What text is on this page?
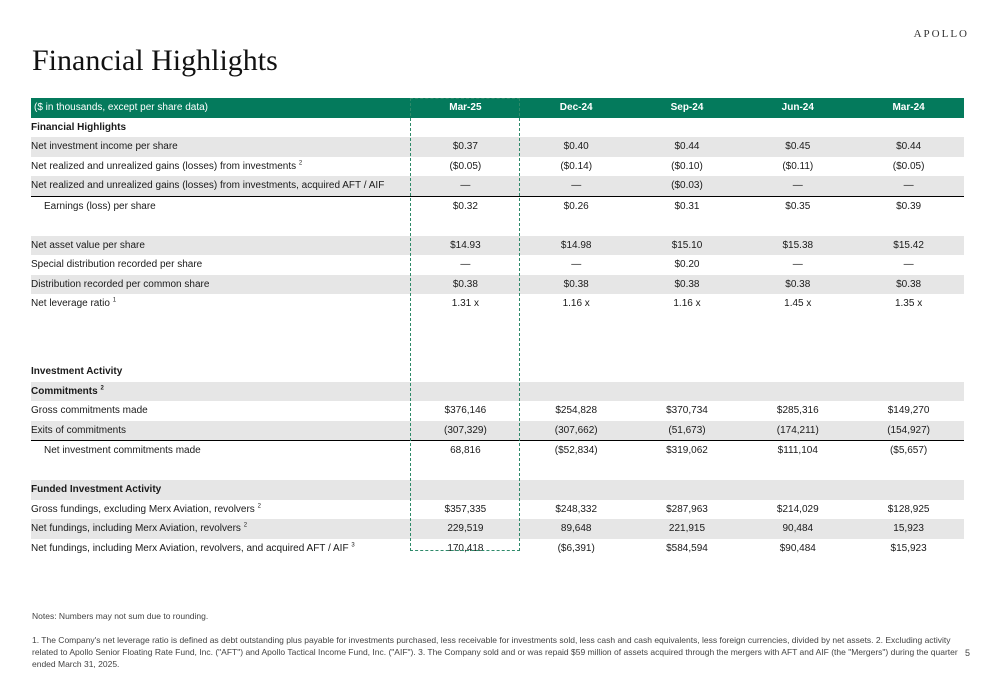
APOLLO
Financial Highlights
($ in thousands, except per share data)	Mar-25	Dec-24	Sep-24	Jun-24	Mar-24
Financial Highlights					
Net investment income per share	$0.37	$0.40	$0.44	$0.45	$0.44
Net realized and unrealized gains (losses) from investments $^2$	($0.05)	($0.14)	($0.10)	($0.11)	($0.05)
Net realized and unrealized gains (losses) from investments, acquired AFT / AIF	—	—	($0.03)	—	—
Earnings (loss) per share	$0.32	$0.26	$0.31	$0.35	$0.39

Net asset value per share	$14.93	$14.98	$15.10	$15.38	$15.42
Special distribution recorded per share	—	—	$0.20	—	—
Distribution recorded per common share	$0.38	$0.38	$0.38	$0.38	$0.38
Net leverage ratio $^1$	1.31 x	1.16 x	1.16 x	1.45 x	1.35 x

Investment Activity					
Commitments $^2$					
Gross commitments made	$376,146	$254,828	$370,734	$285,316	$149,270
Exits of commitments	(307,329)	(307,662)	(51,673)	(174,211)	(154,927)
Net investment commitments made	68,816	($52,834)	$319,062	$111,104	($5,657)

Funded Investment Activity					
Gross fundings, excluding Merx Aviation, revolvers $^2$	$357,335	$248,332	$287,963	$214,029	$128,925
Net fundings, including Merx Aviation, revolvers $^2$	229,519	89,648	221,915	90,484	15,923
Net fundings, including Merx Aviation, revolvers, and acquired AFT / AIF $^3$	170,418	($6,391)	$584,594	$90,484	$15,923

Notes: Numbers may not sum due to rounding.

1. The Company's net leverage ratio is defined as debt outstanding plus payable for investments purchased, less receivable for investments sold, less cash and cash equivalents, less foreign currencies, divided by net assets. 2. Excluding activity related to Apollo Senior Floating Rate Fund, Inc. ("AFT") and Apollo Tactical Income Fund, Inc. ("AIF"). 3. The Company sold and or was repaid $59 million of assets acquired through the mergers with AFT and AIF (the "Mergers") during the quarter ended March 31, 2025.

5
